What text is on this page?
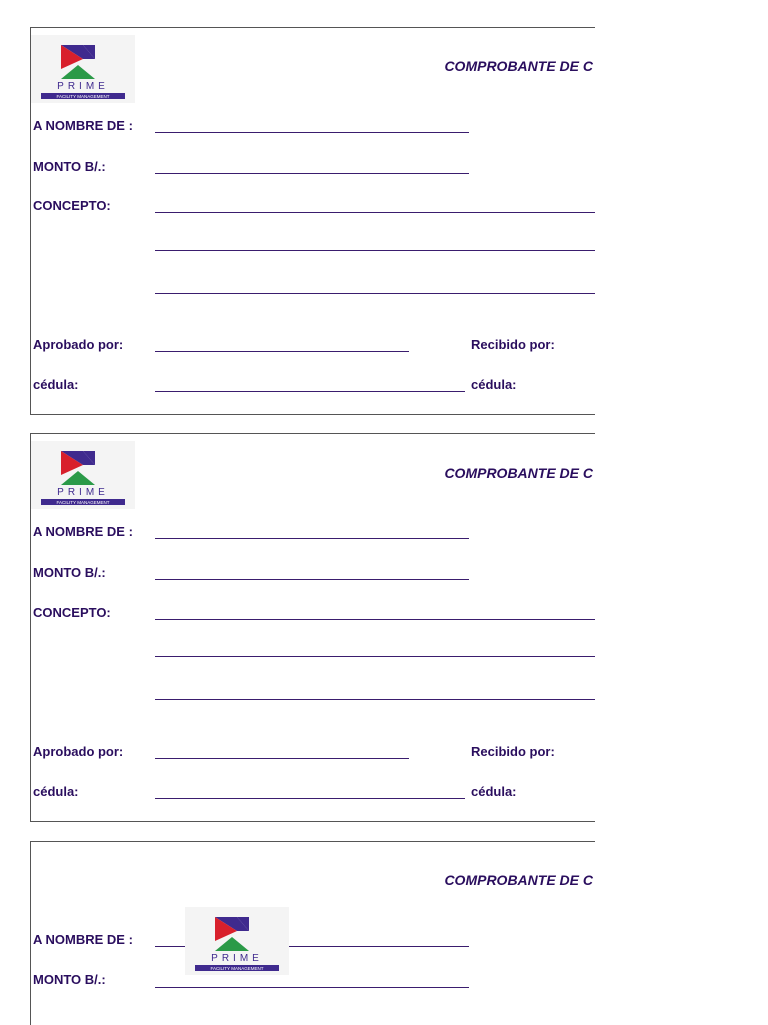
PRIME
FACILITY MANAGEMENT
COMPROBANTE DE C
A NOMBRE DE :
MONTO B/.:
CONCEPTO:
Aprobado por:	Recibido por:
cédula:	cédula:
PRIME
FACILITY MANAGEMENT
COMPROBANTE DE C
A NOMBRE DE :
MONTO B/.:
CONCEPTO:
Aprobado por:	Recibido por:
cédula:	cédula:
COMPROBANTE DE C
A NOMBRE DE :
PRIME
FACILITY MANAGEMENT
MONTO B/.:
